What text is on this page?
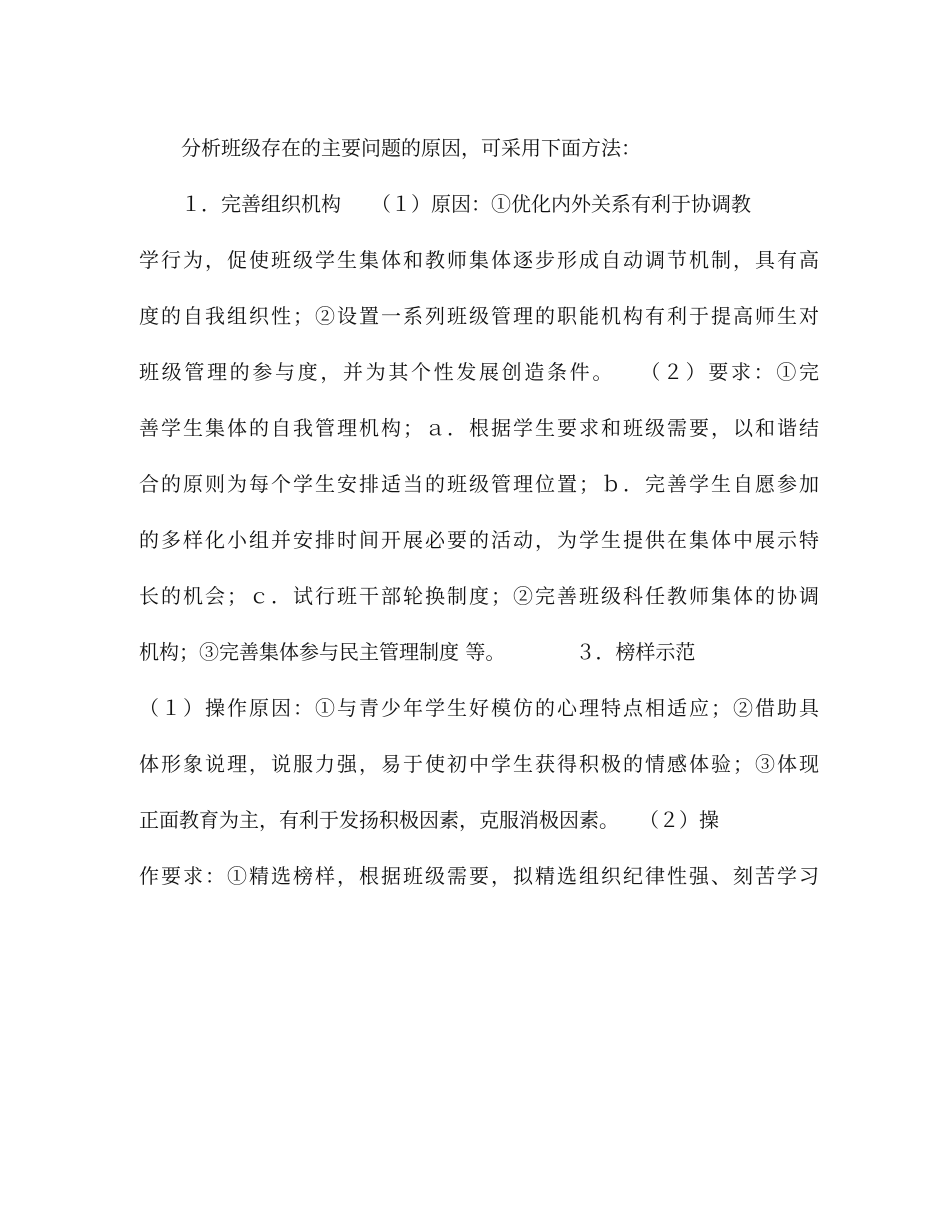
分析班级存在的主要问题的原因，可采用下面方法：
１．完善组织机构　　（１）原因：①优化内外关系有利于协调教
学行为，促使班级学生集体和教师集体逐步形成自动调节机制，具有高
度的自我组织性；②设置一系列班级管理的职能机构有利于提高师生对
班级管理的参与度，并为其个性发展创造条件。　　（２）要求：①完
善学生集体的自我管理机构；ａ．根据学生要求和班级需要，以和谐结
合的原则为每个学生安排适当的班级管理位置；ｂ．完善学生自愿参加
的多样化小组并安排时间开展必要的活动，为学生提供在集体中展示特
长的机会；ｃ．试行班干部轮换制度；②完善班级科任教师集体的协调
机构；③完善集体参与民主管理制度 等。　　　　３．榜样示范
（１）操作原因：①与青少年学生好模仿的心理特点相适应；②借助具
体形象说理，说服力强，易于使初中学生获得积极的情感体验；③体现
正面教育为主，有利于发扬积极因素，克服消极因素。　　（２）操
作要求：①精选榜样，根据班级需要，拟精选组织纪律性强、刻苦学习
